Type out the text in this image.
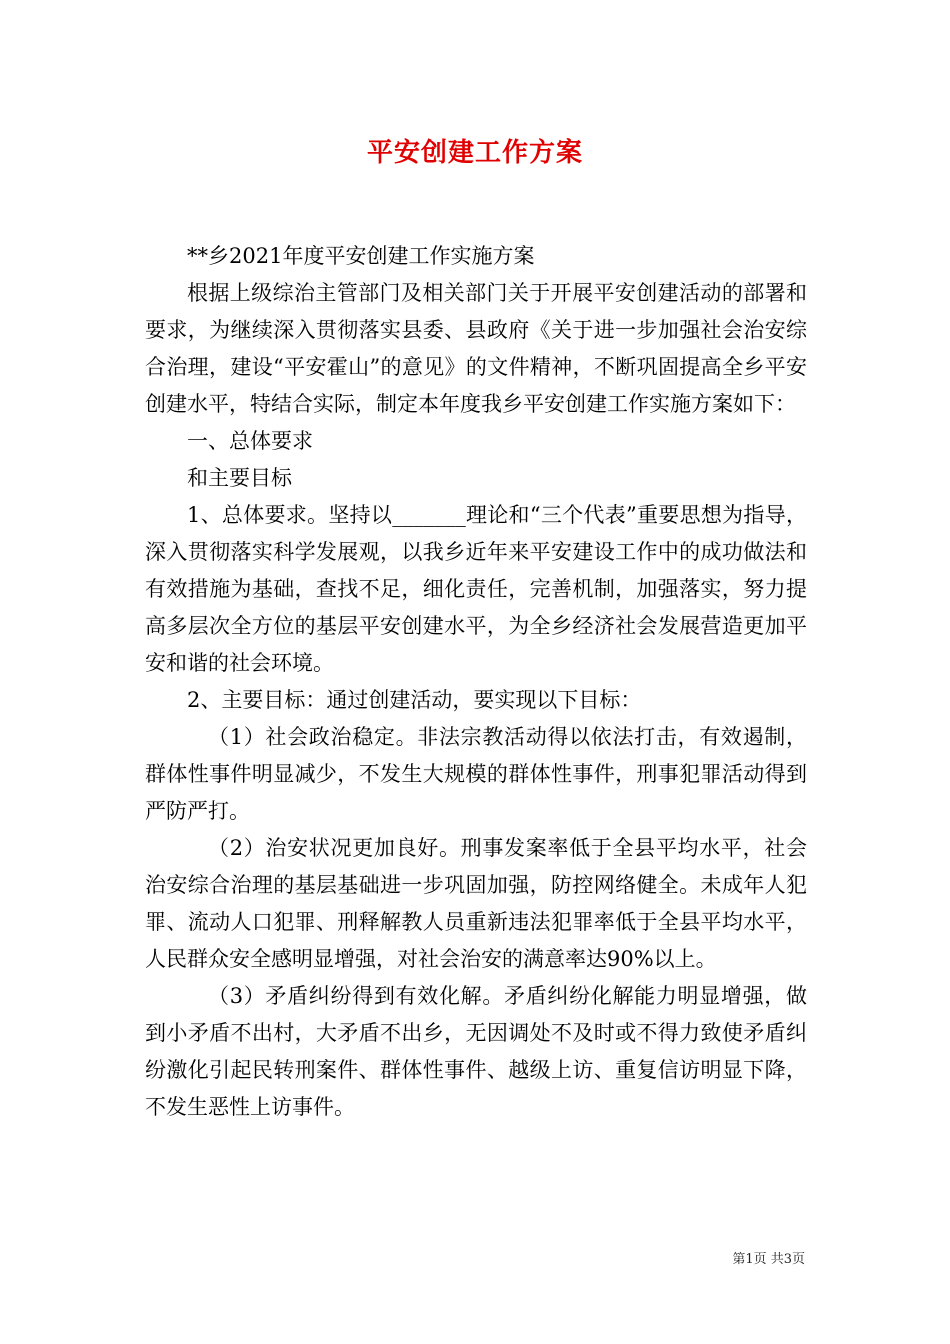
平安创建工作方案

**乡2021年度平安创建工作实施方案

根据上级综治主管部门及相关部门关于开展平安创建活动的部署和要求，为继续深入贯彻落实县委、县政府《关于进一步加强社会治安综合治理，建设“平安霍山”的意见》的文件精神，不断巩固提高全乡平安创建水平，特结合实际，制定本年度我乡平安创建工作实施方案如下：

一、总体要求

和主要目标

1、总体要求。坚持以_______理论和“三个代表”重要思想为指导，深入贯彻落实科学发展观，以我乡近年来平安建设工作中的成功做法和有效措施为基础，查找不足，细化责任，完善机制，加强落实，努力提高多层次全方位的基层平安创建水平，为全乡经济社会发展营造更加平安和谐的社会环境。

2、主要目标：通过创建活动，要实现以下目标：

（1）社会政治稳定。非法宗教活动得以依法打击，有效遏制，群体性事件明显减少，不发生大规模的群体性事件，刑事犯罪活动得到严防严打。

（2）治安状况更加良好。刑事发案率低于全县平均水平，社会治安综合治理的基层基础进一步巩固加强，防控网络健全。未成年人犯罪、流动人口犯罪、刑释解教人员重新违法犯罪率低于全县平均水平，人民群众安全感明显增强，对社会治安的满意率达90%以上。

（3）矛盾纠纷得到有效化解。矛盾纠纷化解能力明显增强，做到小矛盾不出村，大矛盾不出乡，无因调处不及时或不得力致使矛盾纠纷激化引起民转刑案件、群体性事件、越级上访、重复信访明显下降，不发生恶性上访事件。

第1页 共3页
